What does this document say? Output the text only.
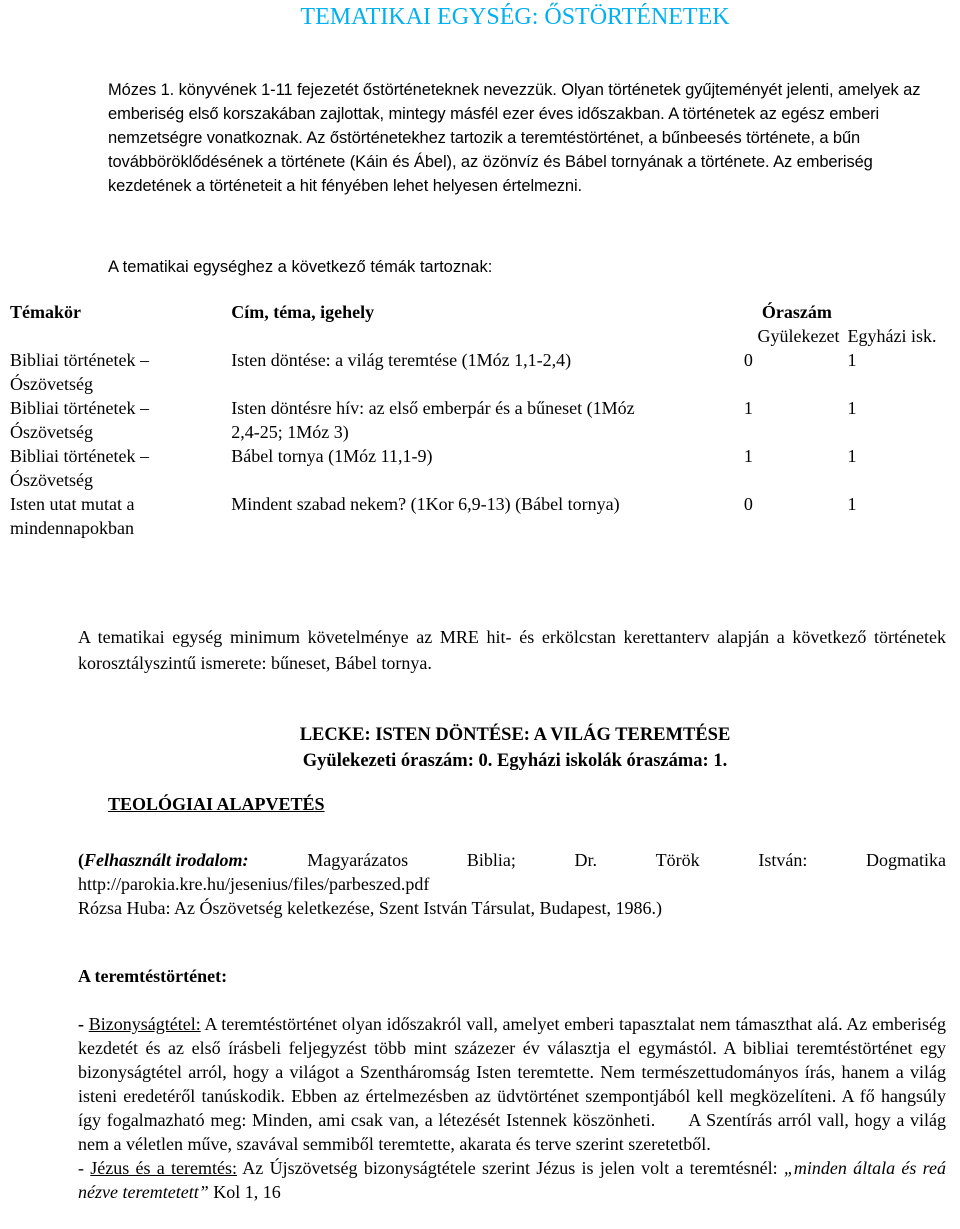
TEMATIKAI EGYSÉG: ŐSTÖRTÉNETEK

Mózes 1. könyvének 1-11 fejezetét őstörténeteknek nevezzük. Olyan történetek gyűjteményét jelenti, amelyek az emberiség első korszakában zajlottak, mintegy másfél ezer éves időszakban. A történetek az egész emberi nemzetségre vonatkoznak. Az őstörténetekhez tartozik a teremtéstörténet, a bűnbeesés története, a bűn továbböröklődésének a története (Káin és Ábel), az özönvíz és Bábel tornyának a története. Az emberiség kezdetének a történeteit a hit fényében lehet helyesen értelmezni.

A tematikai egységhez a következő témák tartoznak:
Témakör	Cím, téma, igehely	Óraszám	
		Gyülekezet	Egyházi isk.
Bibliai történetek – Ószövetség	Isten döntése: a világ teremtése (1Móz 1,1-2,4)	0	1
Bibliai történetek – Ószövetség	Isten döntésre hív: az első emberpár és a bűneset (1Móz 2,4-25; 1Móz 3)	1	1
Bibliai történetek – Ószövetség	Bábel tornya (1Móz 11,1-9)	1	1
Isten utat mutat a mindennapokban	Mindent szabad nekem? (1Kor 6,9-13) (Bábel tornya)	0	1

A tematikai egység minimum követelménye az MRE hit- és erkölcstan kerettanterv alapján a következő történetek korosztályszintű ismerete: bűneset, Bábel tornya.

LECKE: ISTEN DÖNTÉSE: A VILÁG TEREMTÉSE
Gyülekezeti óraszám: 0. Egyházi iskolák óraszáma: 1.
TEOLÓGIAI ALAPVETÉS
(Felhasznált irodalom:	Magyarázatos	Biblia;	Dr.	Török	István:	Dogmatika
http://parokia.kre.hu/jesenius/files/parbeszed.pdf
Rózsa Huba: Az Ószövetség keletkezése, Szent István Társulat, Budapest, 1986.)
A teremtéstörténet:

- Bizonyságtétel: A teremtéstörténet olyan időszakról vall, amelyet emberi tapasztalat nem támaszthat alá. Az emberiség kezdetét és az első írásbeli feljegyzést több mint százezer év választja el egymástól. A bibliai teremtéstörténet egy bizonyságtétel arról, hogy a világot a Szentháromság Isten teremtette. Nem természettudományos írás, hanem a világ isteni eredetéről tanúskodik. Ebben az értelmezésben az üdvtörténet szempontjából kell megközelíteni. A fő hangsúly így fogalmazható meg: Minden, ami csak van, a létezését Istennek köszönheti.      A Szentírás arról vall, hogy a világ nem a véletlen műve, szavával semmiből teremtette, akarata és terve szerint szeretetből.

- Jézus és a teremtés: Az Újszövetség bizonyságtétele szerint Jézus is jelen volt a teremtésnél: „minden általa és reá nézve teremtetett” Kol 1, 16
